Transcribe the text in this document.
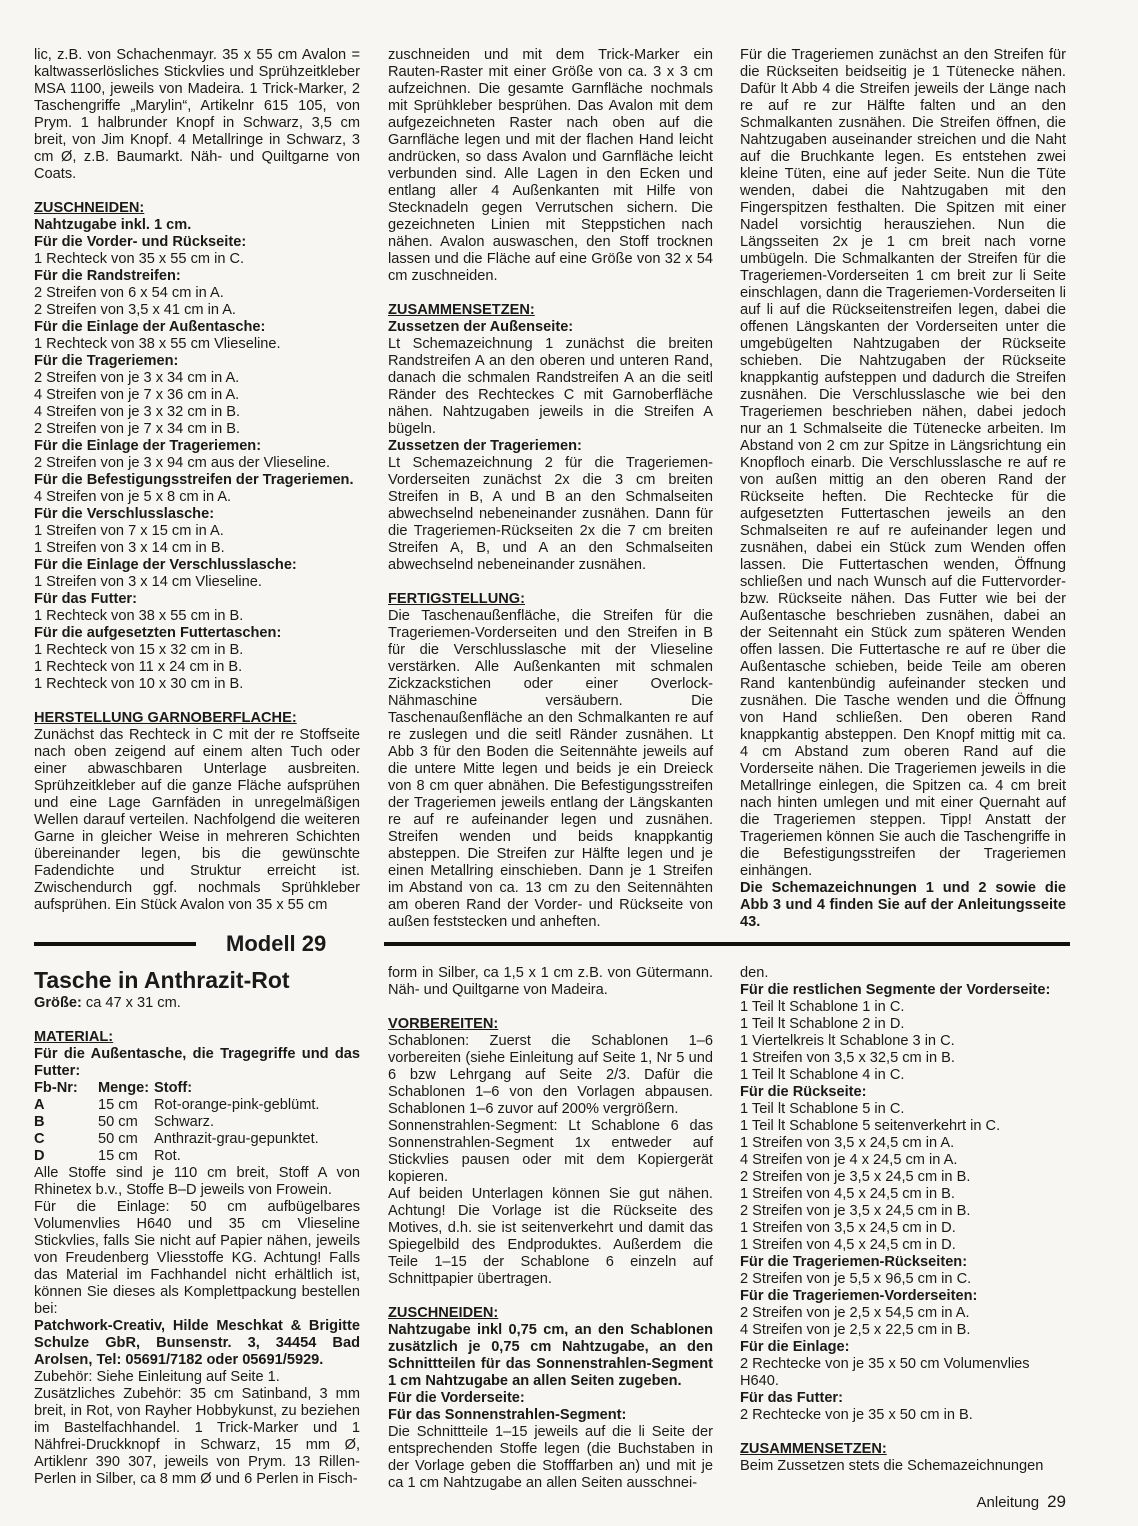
lic, z.B. von Schachenmayr. 35 x 55 cm Avalon = kaltwasserlösliches Stickvlies und Sprühzeitkleber MSA 1100, jeweils von Madeira. 1 Trick-Marker, 2 Taschengriffe „Marylin“, Artikelnr 615 105, von Prym. 1 halbrunder Knopf in Schwarz, 3,5 cm breit, von Jim Knopf. 4 Metallringe in Schwarz, 3 cm Ø, z.B. Baumarkt. Näh- und Quiltgarne von Coats.

ZUSCHNEIDEN:

Nahtzugabe inkl. 1 cm.

Für die Vorder- und Rückseite:

1 Rechteck von 35 x 55 cm in C.

Für die Randstreifen:

2 Streifen von 6 x 54 cm in A.

2 Streifen von 3,5 x 41 cm in A.

Für die Einlage der Außentasche:

1 Rechteck von 38 x 55 cm Vlieseline.

Für die Trageriemen:

2 Streifen von je 3 x 34 cm in A.

4 Streifen von je 7 x 36 cm in A.

4 Streifen von je 3 x 32 cm in B.

2 Streifen von je 7 x 34 cm in B.

Für die Einlage der Trageriemen:

2 Streifen von je 3 x 94 cm aus der Vlieseline.

Für die Befestigungsstreifen der Trageriemen.

4 Streifen von je 5 x 8 cm in A.

Für die Verschlusslasche:

1 Streifen von 7 x 15 cm in A.

1 Streifen von 3 x 14 cm in B.

Für die Einlage der Verschlusslasche:

1 Streifen von 3 x 14 cm Vlieseline.

Für das Futter:

1 Rechteck von 38 x 55 cm in B.

Für die aufgesetzten Futtertaschen:

1 Rechteck von 15 x 32 cm in B.

1 Rechteck von 11 x 24 cm in B.

1 Rechteck von 10 x 30 cm in B.

HERSTELLUNG GARNOBERFLACHE:

Zunächst das Rechteck in C mit der re Stoffseite nach oben zeigend auf einem alten Tuch oder einer abwaschbaren Unterlage ausbreiten. Sprühzeitkleber auf die ganze Fläche aufsprühen und eine Lage Garnfäden in unregelmäßigen Wellen darauf verteilen. Nachfolgend die weiteren Garne in gleicher Weise in mehreren Schichten übereinander legen, bis die gewünschte Fadendichte und Struktur erreicht ist. Zwischendurch ggf. nochmals Sprühkleber aufsprühen. Ein Stück Avalon von 35 x 55 cm

zuschneiden und mit dem Trick-Marker ein Rauten-Raster mit einer Größe von ca. 3 x 3 cm aufzeichnen. Die gesamte Garnfläche nochmals mit Sprühkleber besprühen. Das Avalon mit dem aufgezeichneten Raster nach oben auf die Garnfläche legen und mit der flachen Hand leicht andrücken, so dass Avalon und Garnfläche leicht verbunden sind. Alle Lagen in den Ecken und entlang aller 4 Außenkanten mit Hilfe von Stecknadeln gegen Verrutschen sichern. Die gezeichneten Linien mit Steppstichen nach nähen. Avalon auswaschen, den Stoff trocknen lassen und die Fläche auf eine Größe von 32 x 54 cm zuschneiden.

ZUSAMMENSETZEN:

Zussetzen der Außenseite:

Lt Schemazeichnung 1 zunächst die breiten Randstreifen A an den oberen und unteren Rand, danach die schmalen Randstreifen A an die seitl Ränder des Rechteckes C mit Garnoberfläche nähen. Nahtzugaben jeweils in die Streifen A bügeln.

Zussetzen der Trageriemen:

Lt Schemazeichnung 2 für die Trageriemen-Vorderseiten zunächst 2x die 3 cm breiten Streifen in B, A und B an den Schmalseiten abwechselnd nebeneinander zusnähen. Dann für die Trageriemen-Rückseiten 2x die 7 cm breiten Streifen A, B, und A an den Schmalseiten abwechselnd nebeneinander zusnähen.

FERTIGSTELLUNG:

Die Taschenaußenfläche, die Streifen für die Trageriemen-Vorderseiten und den Streifen in B für die Verschlusslasche mit der Vlieseline verstärken. Alle Außenkanten mit schmalen Zickzackstichen oder einer Overlock-Nähmaschine versäubern. Die Taschenaußenfläche an den Schmalkanten re auf re zuslegen und die seitl Ränder zusnähen. Lt Abb 3 für den Boden die Seitennähte jeweils auf die untere Mitte legen und beids je ein Dreieck von 8 cm quer abnähen. Die Befestigungsstreifen der Trageriemen jeweils entlang der Längskanten re auf re aufeinander legen und zusnähen. Streifen wenden und beids knappkantig absteppen. Die Streifen zur Hälfte legen und je einen Metallring einschieben. Dann je 1 Streifen im Abstand von ca. 13 cm zu den Seitennähten am oberen Rand der Vorder- und Rückseite von außen feststecken und anheften.

Für die Trageriemen zunächst an den Streifen für die Rückseiten beidseitig je 1 Tütenecke nähen. Dafür lt Abb 4 die Streifen jeweils der Länge nach re auf re zur Hälfte falten und an den Schmalkanten zusnähen. Die Streifen öffnen, die Nahtzugaben auseinander streichen und die Naht auf die Bruchkante legen. Es entstehen zwei kleine Tüten, eine auf jeder Seite. Nun die Tüte wenden, dabei die Nahtzugaben mit den Fingerspitzen festhalten. Die Spitzen mit einer Nadel vorsichtig herausziehen. Nun die Längsseiten 2x je 1 cm breit nach vorne umbügeln. Die Schmalkanten der Streifen für die Trageriemen-Vorderseiten 1 cm breit zur li Seite einschlagen, dann die Trageriemen-Vorderseiten li auf li auf die Rückseitenstreifen legen, dabei die offenen Längskanten der Vorderseiten unter die umgebügelten Nahtzugaben der Rückseite schieben. Die Nahtzugaben der Rückseite knappkantig aufsteppen und dadurch die Streifen zusnähen. Die Verschlusslasche wie bei den Trageriemen beschrieben nähen, dabei jedoch nur an 1 Schmalseite die Tütenecke arbeiten. Im Abstand von 2 cm zur Spitze in Längsrichtung ein Knopfloch einarb. Die Verschlusslasche re auf re von außen mittig an den oberen Rand der Rückseite heften. Die Rechtecke für die aufgesetzten Futtertaschen jeweils an den Schmalseiten re auf re aufeinander legen und zusnähen, dabei ein Stück zum Wenden offen lassen. Die Futtertaschen wenden, Öffnung schließen und nach Wunsch auf die Futtervorder- bzw. Rückseite nähen. Das Futter wie bei der Außentasche beschrieben zusnähen, dabei an der Seitennaht ein Stück zum späteren Wenden offen lassen. Die Futtertasche re auf re über die Außentasche schieben, beide Teile am oberen Rand kantenbündig aufeinander stecken und zusnähen. Die Tasche wenden und die Öffnung von Hand schließen. Den oberen Rand knappkantig absteppen. Den Knopf mittig mit ca. 4 cm Abstand zum oberen Rand auf die Vorderseite nähen. Die Trageriemen jeweils in die Metallringe einlegen, die Spitzen ca. 4 cm breit nach hinten umlegen und mit einer Quernaht auf die Trageriemen steppen. Tipp! Anstatt der Trageriemen können Sie auch die Taschengriffe in die Befestigungsstreifen der Trageriemen einhängen.

Die Schemazeichnungen 1 und 2 sowie die Abb 3 und 4 finden Sie auf der Anleitungsseite 43.

Modell 29

Tasche in Anthrazit-Rot

Größe: ca 47 x 31 cm.

MATERIAL:

Für die Außentasche, die Tragegriffe und das Futter:

Fb-Nr:	Menge:	Stoff:
A	15 cm	Rot-orange-pink-geblümt.
B	50 cm	Schwarz.
C	50 cm	Anthrazit-grau-gepunktet.
D	15 cm	Rot.

Alle Stoffe sind je 110 cm breit, Stoff A von Rhinetex b.v., Stoffe B–D jeweils von Frowein.

Für die Einlage: 50 cm aufbügelbares Volumenvlies H640 und 35 cm Vlieseline Stickvlies, falls Sie nicht auf Papier nähen, jeweils von Freudenberg Vliesstoffe KG. Achtung! Falls das Material im Fachhandel nicht erhältlich ist, können Sie dieses als Komplettpackung bestellen bei:

Patchwork-Creativ, Hilde Meschkat & Brigitte Schulze GbR, Bunsenstr. 3, 34454 Bad Arolsen, Tel: 05691/7182 oder 05691/5929.

Zubehör: Siehe Einleitung auf Seite 1.

Zusätzliches Zubehör: 35 cm Satinband, 3 mm breit, in Rot, von Rayher Hobbykunst, zu beziehen im Bastelfachhandel. 1 Trick-Marker und 1 Nähfrei-Druckknopf in Schwarz, 15 mm Ø, Artiklenr 390 307, jeweils von Prym. 13 Rillen-Perlen in Silber, ca 8 mm Ø und 6 Perlen in Fisch-

form in Silber, ca 1,5 x 1 cm z.B. von Gütermann. Näh- und Quiltgarne von Madeira.

VORBEREITEN:

Schablonen: Zuerst die Schablonen 1–6 vorbereiten (siehe Einleitung auf Seite 1, Nr 5 und 6 bzw Lehrgang auf Seite 2/3. Dafür die Schablonen 1–6 von den Vorlagen abpausen. Schablonen 1–6 zuvor auf 200% vergrößern.

Sonnenstrahlen-Segment: Lt Schablone 6 das Sonnenstrahlen-Segment 1x entweder auf Stickvlies pausen oder mit dem Kopiergerät kopieren.

Auf beiden Unterlagen können Sie gut nähen. Achtung! Die Vorlage ist die Rückseite des Motives, d.h. sie ist seitenverkehrt und damit das Spiegelbild des Endproduktes. Außerdem die Teile 1–15 der Schablone 6 einzeln auf Schnittpapier übertragen.

ZUSCHNEIDEN:

Nahtzugabe inkl 0,75 cm, an den Schablonen zusätzlich je 0,75 cm Nahtzugabe, an den Schnittteilen für das Sonnenstrahlen-Segment 1 cm Nahtzugabe an allen Seiten zugeben.

Für die Vorderseite:

Für das Sonnenstrahlen-Segment:

Die Schnittteile 1–15 jeweils auf die li Seite der entsprechenden Stoffe legen (die Buchstaben in der Vorlage geben die Stofffarben an) und mit je ca 1 cm Nahtzugabe an allen Seiten ausschnei-

den.

Für die restlichen Segmente der Vorderseite:

1 Teil lt Schablone 1 in C.

1 Teil lt Schablone 2 in D.

1 Viertelkreis lt Schablone 3 in C.

1 Streifen von 3,5 x 32,5 cm in B.

1 Teil lt Schablone 4 in C.

Für die Rückseite:

1 Teil lt Schablone 5 in C.

1 Teil lt Schablone 5 seitenverkehrt in C.

1 Streifen von 3,5 x 24,5 cm in A.

4 Streifen von je 4 x 24,5 cm in A.

2 Streifen von je 3,5 x 24,5 cm in B.

1 Streifen von 4,5 x 24,5 cm in B.

2 Streifen von je 3,5 x 24,5 cm in B.

1 Streifen von 3,5 x 24,5 cm in D.

1 Streifen von 4,5 x 24,5 cm in D.

Für die Trageriemen-Rückseiten:

2 Streifen von je 5,5 x 96,5 cm in C.

Für die Trageriemen-Vorderseiten:

2 Streifen von je 2,5 x 54,5 cm in A.

4 Streifen von je 2,5 x 22,5 cm in B.

Für die Einlage:

2 Rechtecke von je 35 x 50 cm Volumenvlies H640.

Für das Futter:

2 Rechtecke von je 35 x 50 cm in B.

ZUSAMMENSETZEN:

Beim Zussetzen stets die Schemazeichnungen

Anleitung 29
